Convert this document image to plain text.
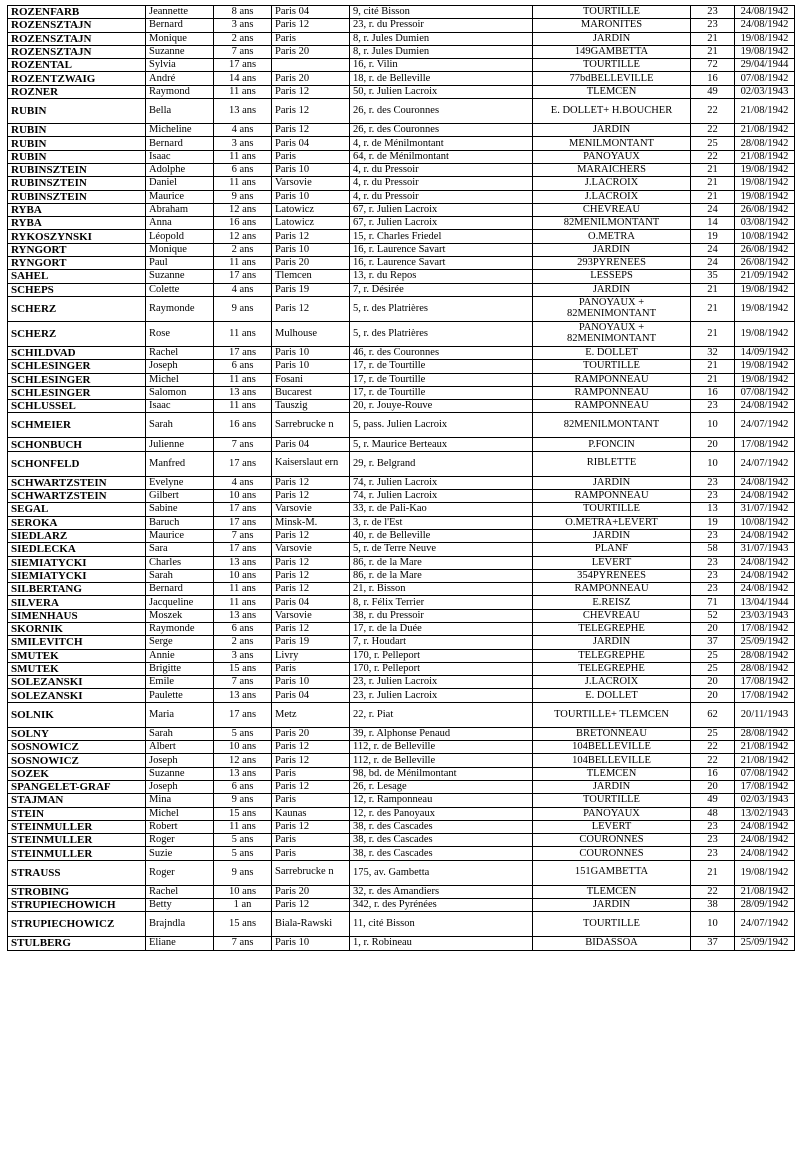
ROZENFARB	Jeannette	8 ans	Paris 04	9, cité Bisson	TOURTILLE	23	24/08/1942
ROZENSZTAJN	Bernard	3 ans	Paris 12	23, r. du Pressoir	MARONITES	23	24/08/1942
ROZENSZTAJN	Monique	2 ans	Paris	8, r. Jules Dumien	JARDIN	21	19/08/1942
ROZENSZTAJN	Suzanne	7 ans	Paris 20	8, r. Jules Dumien	149GAMBETTA	21	19/08/1942
ROZENTAL	Sylvia	17 ans		16, r. Vilin	TOURTILLE	72	29/04/1944
ROZENTZWAIG	André	14 ans	Paris 20	18, r. de Belleville	77bdBELLEVILLE	16	07/08/1942
ROZNER	Raymond	11 ans	Paris 12	50, r. Julien Lacroix	TLEMCEN	49	02/03/1943
RUBIN	Bella	13 ans	Paris 12	26, r. des Couronnes	E. DOLLET+ H.BOUCHER	22	21/08/1942
RUBIN	Micheline	4 ans	Paris 12	26, r. des Couronnes	JARDIN	22	21/08/1942
RUBIN	Bernard	3 ans	Paris 04	4, r. de Ménilmontant	MENILMONTANT	25	28/08/1942
RUBIN	Isaac	11 ans	Paris	64, r. de Ménilmontant	PANOYAUX	22	21/08/1942
RUBINSZTEIN	Adolphe	6 ans	Paris 10	4, r. du Pressoir	MARAICHERS	21	19/08/1942
RUBINSZTEIN	Daniel	11 ans	Varsovie	4, r. du Pressoir	J.LACROIX	21	19/08/1942
RUBINSZTEIN	Maurice	9 ans	Paris 10	4, r. du Pressoir	J.LACROIX	21	19/08/1942
RYBA	Abraham	12 ans	Latowicz	67, r. Julien Lacroix	CHEVREAU	24	26/08/1942
RYBA	Anna	16 ans	Latowicz	67, r. Julien Lacroix	82MENILMONTANT	14	03/08/1942
RYKOSZYNSKI	Léopold	12 ans	Paris 12	15, r. Charles Friedel	O.METRA	19	10/08/1942
RYNGORT	Monique	2 ans	Paris 10	16, r. Laurence Savart	JARDIN	24	26/08/1942
RYNGORT	Paul	11 ans	Paris 20	16, r. Laurence Savart	293PYRENEES	24	26/08/1942
SAHEL	Suzanne	17 ans	Tlemcen	13, r. du Repos	LESSEPS	35	21/09/1942
SCHEPS	Colette	4 ans	Paris 19	7, r. Désirée	JARDIN	21	19/08/1942
SCHERZ	Raymonde	9 ans	Paris 12	5, r. des Platrières	PANOYAUX + 82MENIMONTANT	21	19/08/1942
SCHERZ	Rose	11 ans	Mulhouse	5, r. des Platrières	PANOYAUX + 82MENIMONTANT	21	19/08/1942
SCHILDVAD	Rachel	17 ans	Paris 10	46, r. des Couronnes	E. DOLLET	32	14/09/1942
SCHLESINGER	Joseph	6 ans	Paris 10	17, r. de Tourtille	TOURTILLE	21	19/08/1942
SCHLESINGER	Michel	11 ans	Fosani	17, r. de Tourtille	RAMPONNEAU	21	19/08/1942
SCHLESINGER	Salomon	13 ans	Bucarest	17, r. de Tourtille	RAMPONNEAU	16	07/08/1942
SCHLUSSEL	Isaac	11 ans	Tauszig	20, r. Jouye-Rouve	RAMPONNEAU	23	24/08/1942
SCHMEIER	Sarah	16 ans	Sarrebrucke n	5, pass. Julien Lacroix	82MENILMONTANT	10	24/07/1942
SCHONBUCH	Julienne	7 ans	Paris 04	5, r. Maurice Berteaux	P.FONCIN	20	17/08/1942
SCHONFELD	Manfred	17 ans	Kaiserslaut ern	29, r. Belgrand	RIBLETTE	10	24/07/1942
SCHWARTZSTEIN	Evelyne	4 ans	Paris 12	74, r. Julien Lacroix	JARDIN	23	24/08/1942
SCHWARTZSTEIN	Gilbert	10 ans	Paris 12	74, r. Julien Lacroix	RAMPONNEAU	23	24/08/1942
SEGAL	Sabine	17 ans	Varsovie	33, r. de Pali-Kao	TOURTILLE	13	31/07/1942
SEROKA	Baruch	17 ans	Minsk-M.	3, r. de l'Est	O.METRA+LEVERT	19	10/08/1942
SIEDLARZ	Maurice	7 ans	Paris 12	40, r. de Belleville	JARDIN	23	24/08/1942
SIEDLECKA	Sara	17 ans	Varsovie	5, r. de Terre Neuve	PLANF	58	31/07/1943
SIEMIATYCKI	Charles	13 ans	Paris 12	86, r. de la Mare	LEVERT	23	24/08/1942
SIEMIATYCKI	Sarah	10 ans	Paris 12	86, r. de la Mare	354PYRENEES	23	24/08/1942
SILBERTANG	Bernard	11 ans	Paris 12	21, r. Bisson	RAMPONNEAU	23	24/08/1942
SILVERA	Jacqueline	11 ans	Paris 04	8, r. Félix Terrier	E.REISZ	71	13/04/1944
SIMENHAUS	Moszek	13 ans	Varsovie	38, r. du Pressoir	CHEVREAU	52	23/03/1943
SKORNIK	Raymonde	6 ans	Paris 12	17, r. de la Duée	TELEGREPHE	20	17/08/1942
SMILEVITCH	Serge	2 ans	Paris 19	7, r. Houdart	JARDIN	37	25/09/1942
SMUTEK	Annie	3 ans	Livry	170, r. Pelleport	TELEGREPHE	25	28/08/1942
SMUTEK	Brigitte	15 ans	Paris	170, r. Pelleport	TELEGREPHE	25	28/08/1942
SOLEZANSKI	Emile	7 ans	Paris 10	23, r. Julien Lacroix	J.LACROIX	20	17/08/1942
SOLEZANSKI	Paulette	13 ans	Paris 04	23, r. Julien Lacroix	E. DOLLET	20	17/08/1942
SOLNIK	Maria	17 ans	Metz	22, r. Piat	TOURTILLE+ TLEMCEN	62	20/11/1943
SOLNY	Sarah	5 ans	Paris 20	39, r. Alphonse Penaud	BRETONNEAU	25	28/08/1942
SOSNOWICZ	Albert	10 ans	Paris 12	112, r. de Belleville	104BELLEVILLE	22	21/08/1942
SOSNOWICZ	Joseph	12 ans	Paris 12	112, r. de Belleville	104BELLEVILLE	22	21/08/1942
SOZEK	Suzanne	13 ans	Paris	98, bd. de Ménilmontant	TLEMCEN	16	07/08/1942
SPANGELET-GRAF	Joseph	6 ans	Paris 12	26, r. Lesage	JARDIN	20	17/08/1942
STAJMAN	Mina	9 ans	Paris	12, r. Ramponneau	TOURTILLE	49	02/03/1943
STEIN	Michel	15 ans	Kaunas	12, r. des Panoyaux	PANOYAUX	48	13/02/1943
STEINMULLER	Robert	11 ans	Paris 12	38, r. des Cascades	LEVERT	23	24/08/1942
STEINMULLER	Roger	5 ans	Paris	38, r. des Cascades	COURONNES	23	24/08/1942
STEINMULLER	Suzie	5 ans	Paris	38, r. des Cascades	COURONNES	23	24/08/1942
STRAUSS	Roger	9 ans	Sarrebrucke n	175, av. Gambetta	151GAMBETTA	21	19/08/1942
STROBING	Rachel	10 ans	Paris 20	32, r. des Amandiers	TLEMCEN	22	21/08/1942
STRUPIECHOWICH	Betty	1 an	Paris 12	342, r. des Pyrénées	JARDIN	38	28/09/1942
STRUPIECHOWICZ	Brajndla	15 ans	Biala-Rawski	11, cité Bisson	TOURTILLE	10	24/07/1942
STULBERG	Eliane	7 ans	Paris 10	1, r. Robineau	BIDASSOA	37	25/09/1942
